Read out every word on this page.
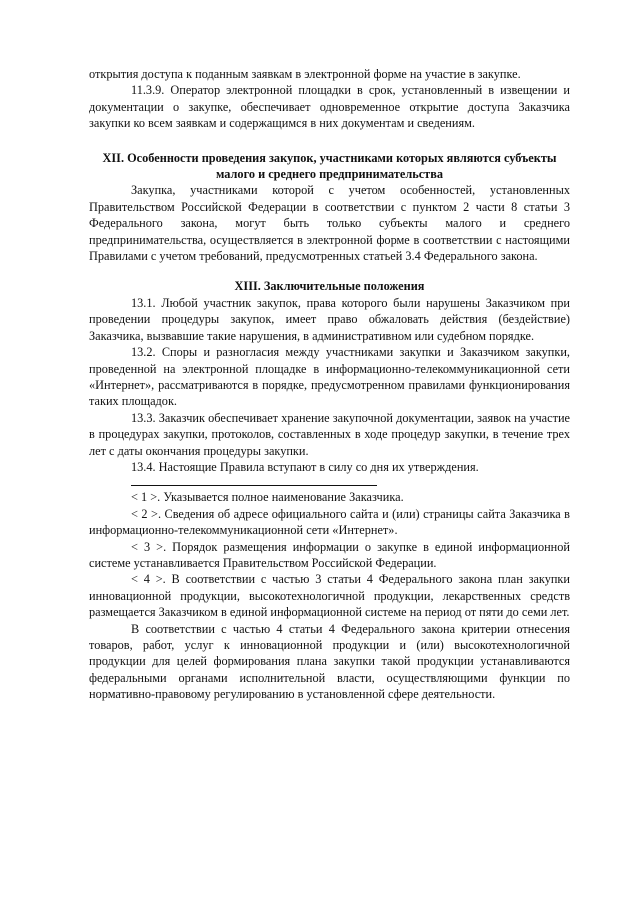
открытия доступа к поданным заявкам в электронной форме на участие в закупке.

11.3.9. Оператор электронной площадки в срок, установленный в извещении и документации о закупке, обеспечивает одновременное открытие доступа Заказчика закупки ко всем заявкам и содержащимся в них документам и сведениям.

XII. Особенности проведения закупок, участниками которых являются субъекты малого и среднего предпринимательства

Закупка, участниками которой с учетом особенностей, установленных Правительством Российской Федерации в соответствии с пунктом 2 части 8 статьи 3 Федерального закона, могут быть только субъекты малого и среднего предпринимательства, осуществляется в электронной форме в соответствии с настоящими Правилами с учетом требований, предусмотренных статьей 3.4 Федерального закона.

XIII. Заключительные положения

13.1. Любой участник закупок, права которого были нарушены Заказчиком при проведении процедуры закупок, имеет право обжаловать действия (бездействие) Заказчика, вызвавшие такие нарушения, в административном или судебном порядке.

13.2. Споры и разногласия между участниками закупки и Заказчиком закупки, проведенной на электронной площадке в информационно-телекоммуникационной сети «Интернет», рассматриваются в порядке, предусмотренном правилами функционирования таких площадок.

13.3. Заказчик обеспечивает хранение закупочной документации, заявок на участие в процедурах закупки, протоколов, составленных в ходе процедур закупки, в течение трех лет с даты окончания процедуры закупки.

13.4. Настоящие Правила вступают в силу со дня их утверждения.

< 1 >. Указывается полное наименование Заказчика.

< 2 >. Сведения об адресе официального сайта и (или) страницы сайта Заказчика в информационно-телекоммуникационной сети «Интернет».

< 3 >. Порядок размещения информации о закупке в единой информационной системе устанавливается Правительством Российской Федерации.

< 4 >. В соответствии с частью 3 статьи 4 Федерального закона план закупки инновационной продукции, высокотехнологичной продукции, лекарственных средств размещается Заказчиком в единой информационной системе на период от пяти до семи лет.

В соответствии с частью 4 статьи 4 Федерального закона критерии отнесения товаров, работ, услуг к инновационной продукции и (или) высокотехнологичной продукции для целей формирования плана закупки такой продукции устанавливаются федеральными органами исполнительной власти, осуществляющими функции по нормативно-правовому регулированию в установленной сфере деятельности.
